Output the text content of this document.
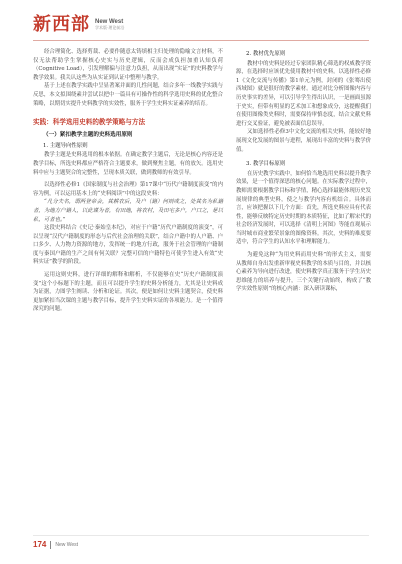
新西部 New West
学术版·理论前沿

经合理简化、选择剪裁、必要作随意太铸填相主归处理的隐喻文言材料，不仅无法帮助学生掌握核心史实与历史逻辑，反而会成负担加重认知负荷（Cognitive Load），引发理解偏与注意力负担，从而出现“实证”的史料教学与教学效果。我关认这些为从实证到认证中整理与教学。

基于上述在教学实践中呈显著案并面的几性问题，结合多年一线教学实践与反思，本文拟围绕素并尝试以把中一篇具有可操作性的科学选用史料的优化整合策略，以期切实提升史料教学的实效性，服务于学生史料实证素养的培育。

实践：科学选用史料的教学策略与方法
（一）紧扣教学主题的史料选用原则
1. 主题导向性原则

教学主题是史料选用的根本依据。在确定教学主题后，无论是核心内容还是教学目标，所选史料都应严格符合主题要求，做到聚焦主题，有的放矢。选用史料中应与主题契合的完整性，呈现本质关联，做到教师的有效引导。

以选择性必修1《国家制度与社会治理》第17课中“历代户籍制度演变”的内容为例，可以运用基本上的“史料阅读”中的这段史料：

“凡分夫名，谓两登帝会，其耕农后，及户（籍）何则或之，处其名为私籍者，为地方户籍人，以此谋为者，有田地，将农村，及田宅多户，户口之，是以私，可者也。”

这段史料结合《史记·秦始皇本纪》，对应于户籍“历代户籍制度的演变”，可以呈现“汉代户籍制度的形态与后代社会治理的关联”，结合户籍中的人户籍、户口多少、人力物力资源的地方，发挥统一的地方行政，服务于社会管理的户籍制度与秦国户籍的生产之间有何关联？完整可信的户籍特色可使学生进入有效“史料实证”教学的阶段。

运用这则史料，进行详细的解释和解析，不仅能够在史“历史户籍制度演变”这个小标题下的主题，而且可以提升学生的史料分析能力，尤其是让史料成为证据，力图学生阐读、分析和论证。其次，便是如何让史料主题契合，使史料更加紧扣当次课的主题与教学目标，提升学生史料实证的各项能力。是一个值得深究的问题。

2. 教材优先原则

教材中的史料是经过专家团队精心筛选的权威教学资源，在选择时应该优先使用教材中的史料。以选择性必修1《文化交流与传播》第1单元为例，封闭的《张骞出使西域图》就是很好的教学素材。通过对比分析图像内容与历史事实的差异，可以引导学生得出认识，一是画面虽源于史实，但带有明显的艺术加工和想象成分，这提醒我们在使用图像类史料时，需要保持审慎态度，结合文献史料进行交叉验证，避免被表面信息误导。

又如选择性必修3中文化交流的相关史料，能较好地展现文化发展的图景与进程，展现出丰富的史料与教学价值。

3. 教学目标原则

在历史教学实践中，如何恰当地选用史料以提升教学效果，是一个值得深思的核心问题。在实际教学过程中，教师需要根据教学目标和学情，精心选择最能体现历史发展规律的典型史料，使之与教学内容有机结合。具体而言，应该把握以下几个方面：首先，所选史料应具有代表性，能够反映特定历史时期的本质特征，比如了解宋代的社会经济发展时，可以选择《清明上河图》等能直观展示当时城市商业繁荣景象的图像资料。其次，史料的难度要适中，符合学生的认知水平和理解能力。

为避免这种“为用史料而用史料”的形式主义，需要从教师自身出发重新审视史料教学的本质与目的，并以核心素养为导向进行改进，使史料教学真正服务于学生历史思维能力的培养与提升，三个关键行动始终，构成了“教学实效性原则”的核心内涵：深入研读课标，

174 New West
